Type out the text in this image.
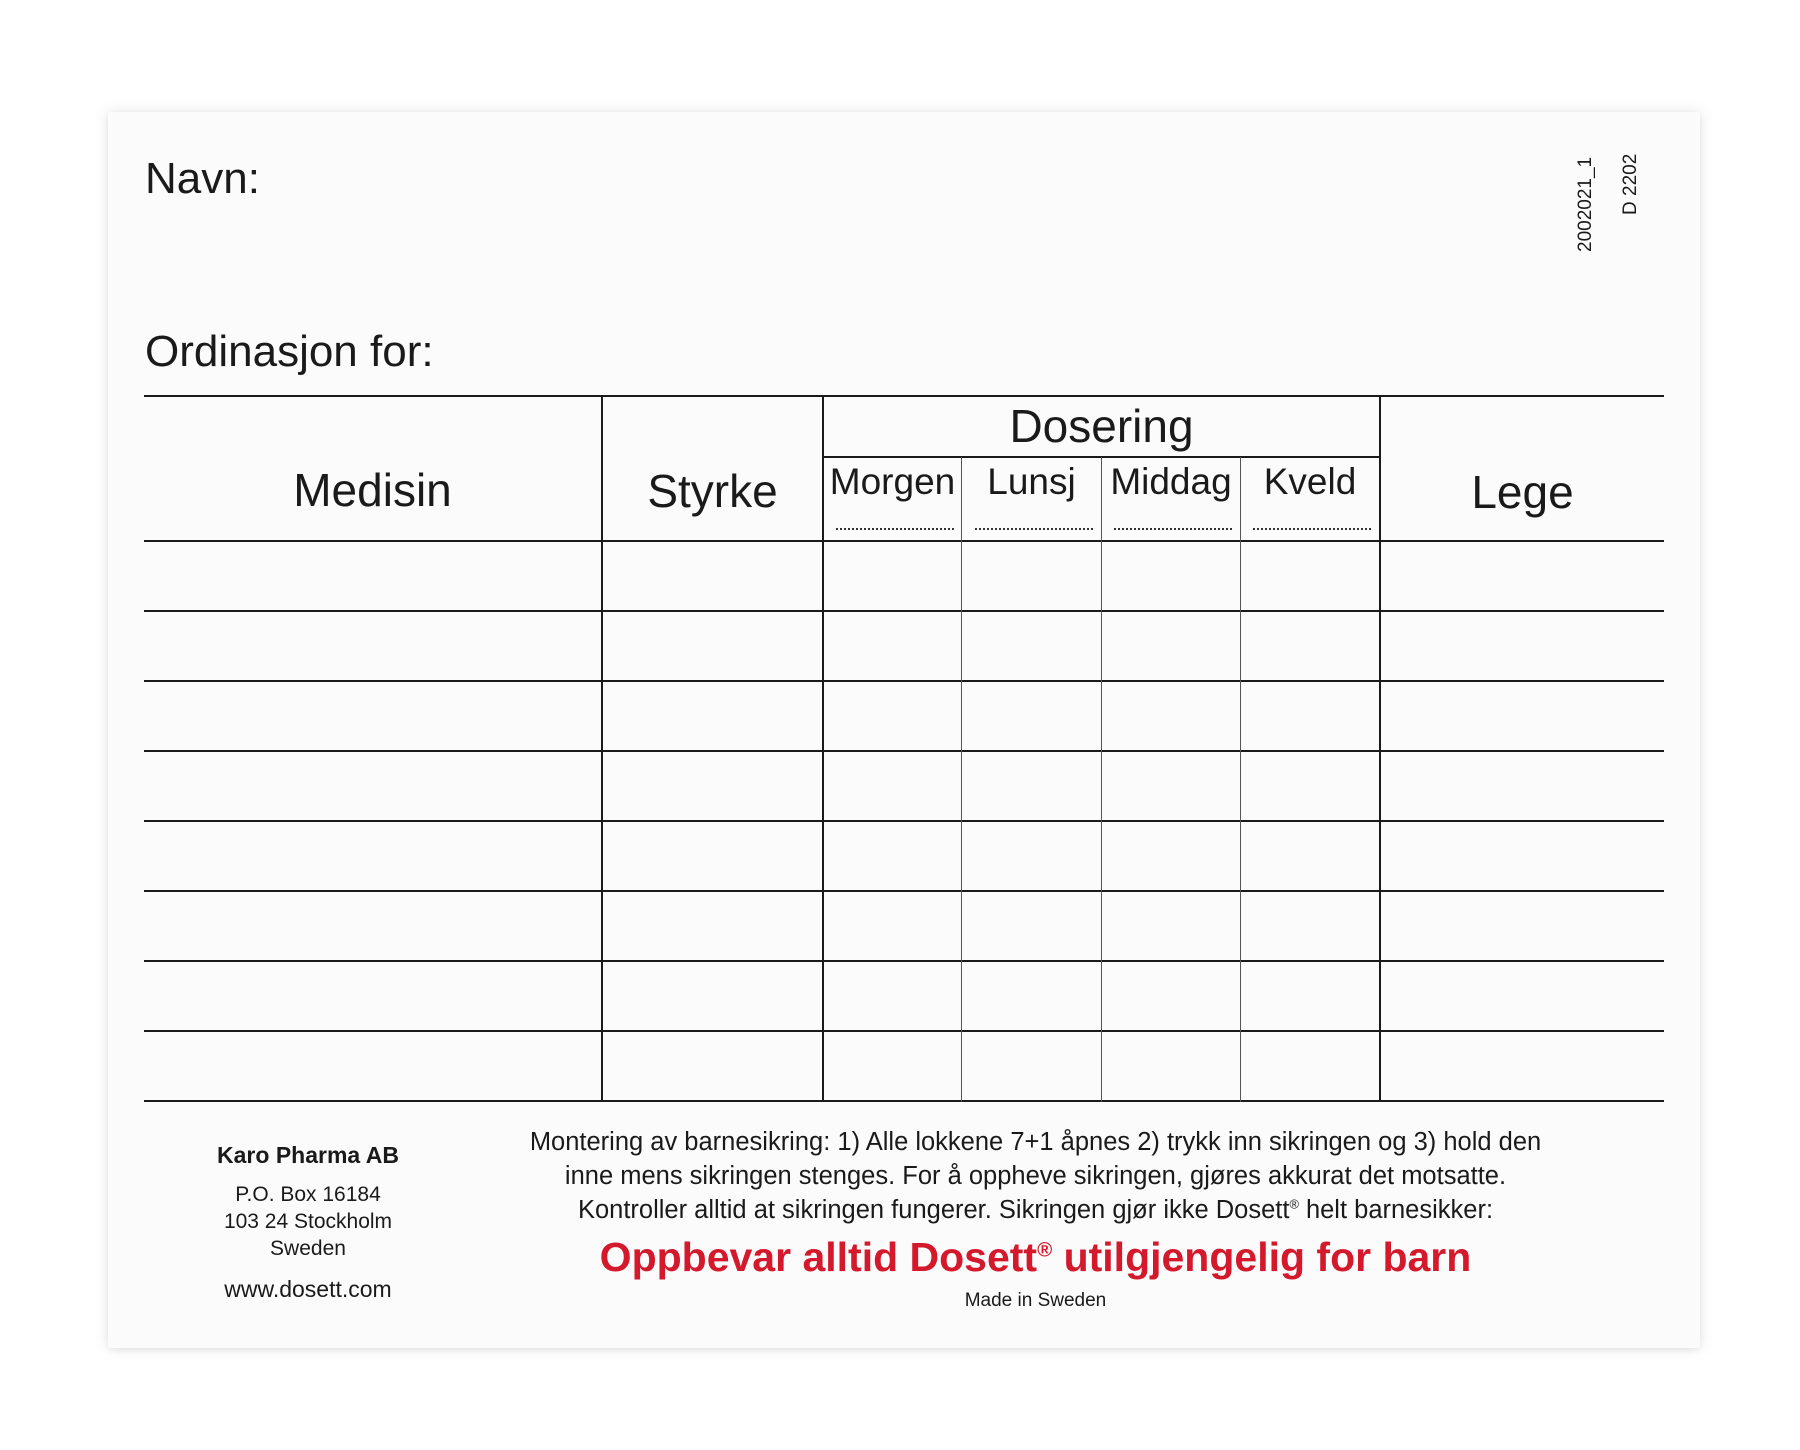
Navn:
Ordinasjon for:
2002021_1 D 2202
Medisin	Styrke
Dosering
Lege
Morgen Lunsj Middag Kveld
Karo Pharma AB
P.O. Box 16184
103 24 Stockholm
Sweden
www.dosett.com
Montering av barnesikring: 1) Alle lokkene 7+1 åpnes 2) trykk inn sikringen og 3) hold den
inne mens sikringen stenges. For å oppheve sikringen, gjøres akkurat det motsatte.
Kontroller alltid at sikringen fungerer. Sikringen gjør ikke Dosett® helt barnesikker:
Oppbevar alltid Dosett® utilgjengelig for barn
Made in Sweden
